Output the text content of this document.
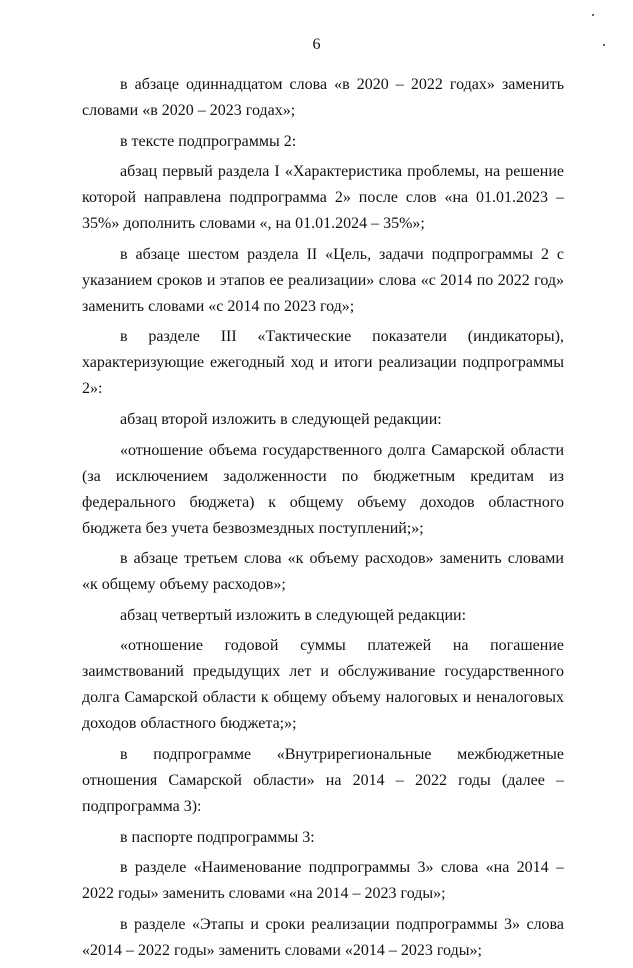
6

в абзаце одиннадцатом слова «в 2020 – 2022 годах» заменить словами «в 2020 – 2023 годах»;

в тексте подпрограммы 2:

абзац первый раздела I «Характеристика проблемы, на решение которой направлена подпрограмма 2» после слов «на 01.01.2023 – 35%» дополнить словами «, на 01.01.2024 – 35%»;

в абзаце шестом раздела II «Цель, задачи подпрограммы 2 с указанием сроков и этапов ее реализации» слова «с 2014 по 2022 год» заменить словами «с 2014 по 2023 год»;

в разделе III «Тактические показатели (индикаторы), характеризующие ежегодный ход и итоги реализации подпрограммы 2»:

абзац второй изложить в следующей редакции:

«отношение объема государственного долга Самарской области (за исключением задолженности по бюджетным кредитам из федерального бюджета) к общему объему доходов областного бюджета без учета безвозмездных поступлений;»;

в абзаце третьем слова «к объему расходов» заменить словами «к общему объему расходов»;

абзац четвертый изложить в следующей редакции:

«отношение годовой суммы платежей на погашение заимствований предыдущих лет и обслуживание государственного долга Самарской области к общему объему налоговых и неналоговых доходов областного бюджета;»;

в подпрограмме «Внутрирегиональные межбюджетные отношения Самарской области» на 2014 – 2022 годы (далее – подпрограмма 3):

в паспорте подпрограммы 3:

в разделе «Наименование подпрограммы 3» слова «на 2014 – 2022 годы» заменить словами «на 2014 – 2023 годы»;

в разделе «Этапы и сроки реализации подпрограммы 3» слова «2014 – 2022 годы» заменить словами «2014 – 2023 годы»;
